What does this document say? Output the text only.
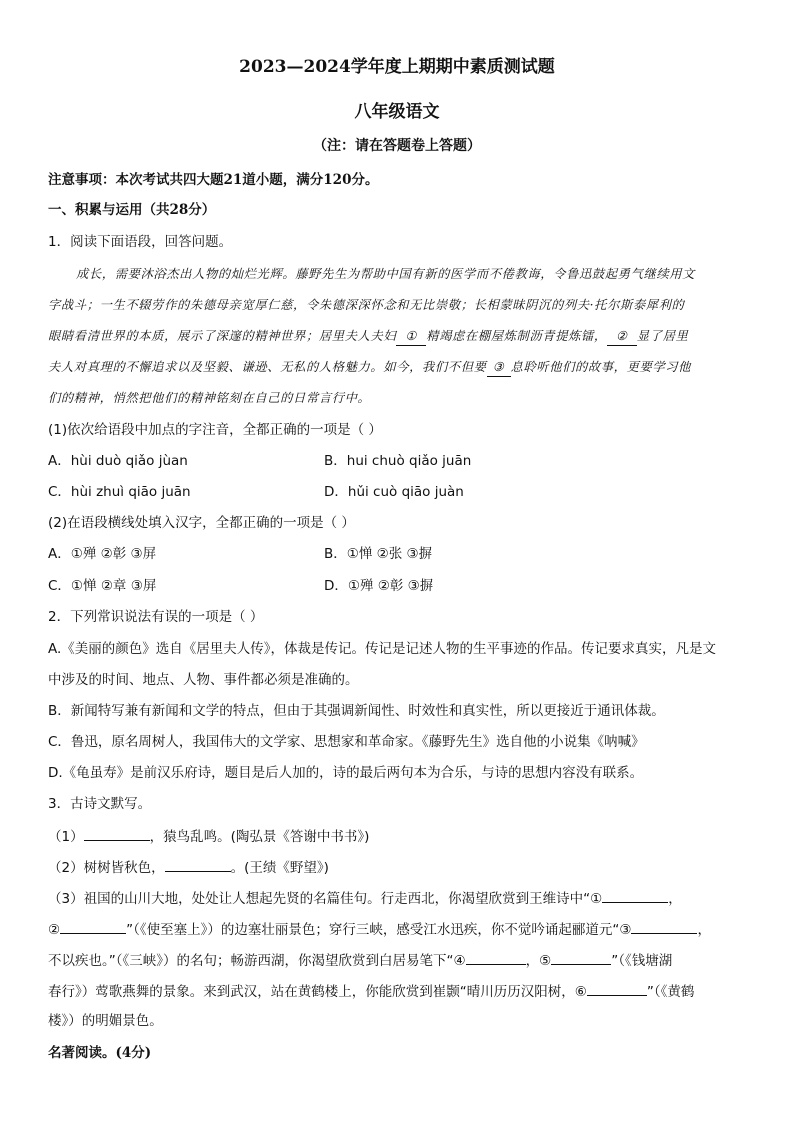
2023—2024学年度上期期中素质测试题
八年级语文
（注：请在答题卷上答题）
注意事项：本次考试共四大题21道小题，满分120分。
一、积累与运用（共28分）
1．阅读下面语段，回答问题。
成长，需要沐浴杰出人物的灿烂光辉。藤野先生为帮助中国有新的医学而不倦教诲，令鲁迅鼓起勇气继续用文
字战斗；一生不辍劳作的朱德母亲宽厚仁慈，令朱德深深怀念和无比崇敬；长相蒙昧阴沉的列夫·托尔斯泰犀利的
眼睛看清世界的本质，展示了深邃的精神世界；居里夫人夫妇 ① 精竭虑在棚屋炼制沥青提炼镭， ② 显了居里
夫人对真理的不懈追求以及坚毅、谦逊、无私的人格魅力。如今，我们不但要 ③ 息聆听他们的故事，更要学习他
们的精神，悄然把他们的精神铭刻在自己的日常言行中。
(1)依次给语段中加点的字注音，全都正确的一项是（ ）
A．hùi duò qiǎo jùan	B．hui chuò qiǎo juān
C．hùi zhuì qiāo juān	D．hǔi cuò qiāo juàn
(2)在语段横线处填入汉字，全都正确的一项是（ ）
A．①殚 ②彰 ③屏	B．①惮 ②张 ③摒
C．①惮 ②章 ③屏	D．①殚 ②彰 ③摒
2．下列常识说法有误的一项是（ ）
A.《美丽的颜色》选自《居里夫人传》，体裁是传记。传记是记述人物的生平事迹的作品。传记要求真实，凡是文
中涉及的时间、地点、人物、事件都必须是准确的。
B．新闻特写兼有新闻和文学的特点，但由于其强调新闻性、时效性和真实性，所以更接近于通讯体裁。
C．鲁迅，原名周树人，我国伟大的文学家、思想家和革命家。《藤野先生》选自他的小说集《呐喊》
D.《龟虽寿》是前汉乐府诗，题目是后人加的，诗的最后两句本为合乐，与诗的思想内容没有联系。
3．古诗文默写。
（1）	，猿鸟乱鸣。(陶弘景《答谢中书书》)
（2）树树皆秋色，	。(王绩《野望》)
（3）祖国的山川大地，处处让人想起先贤的名篇佳句。行走西北，你渴望欣赏到王维诗中“①	，
②	”（《使至塞上》）的边塞壮丽景色；穿行三峡，感受江水迅疾，你不觉吟诵起郦道元“③	，
不以疾也。”（《三峡》）的名句；畅游西湖，你渴望欣赏到白居易笔下“④	，⑤	”（《钱塘湖
春行》）莺歌燕舞的景象。来到武汉，站在黄鹤楼上，你能欣赏到崔颢“晴川历历汉阳树，⑥	”（《黄鹤
楼》）的明媚景色。
名著阅读。(4分)
